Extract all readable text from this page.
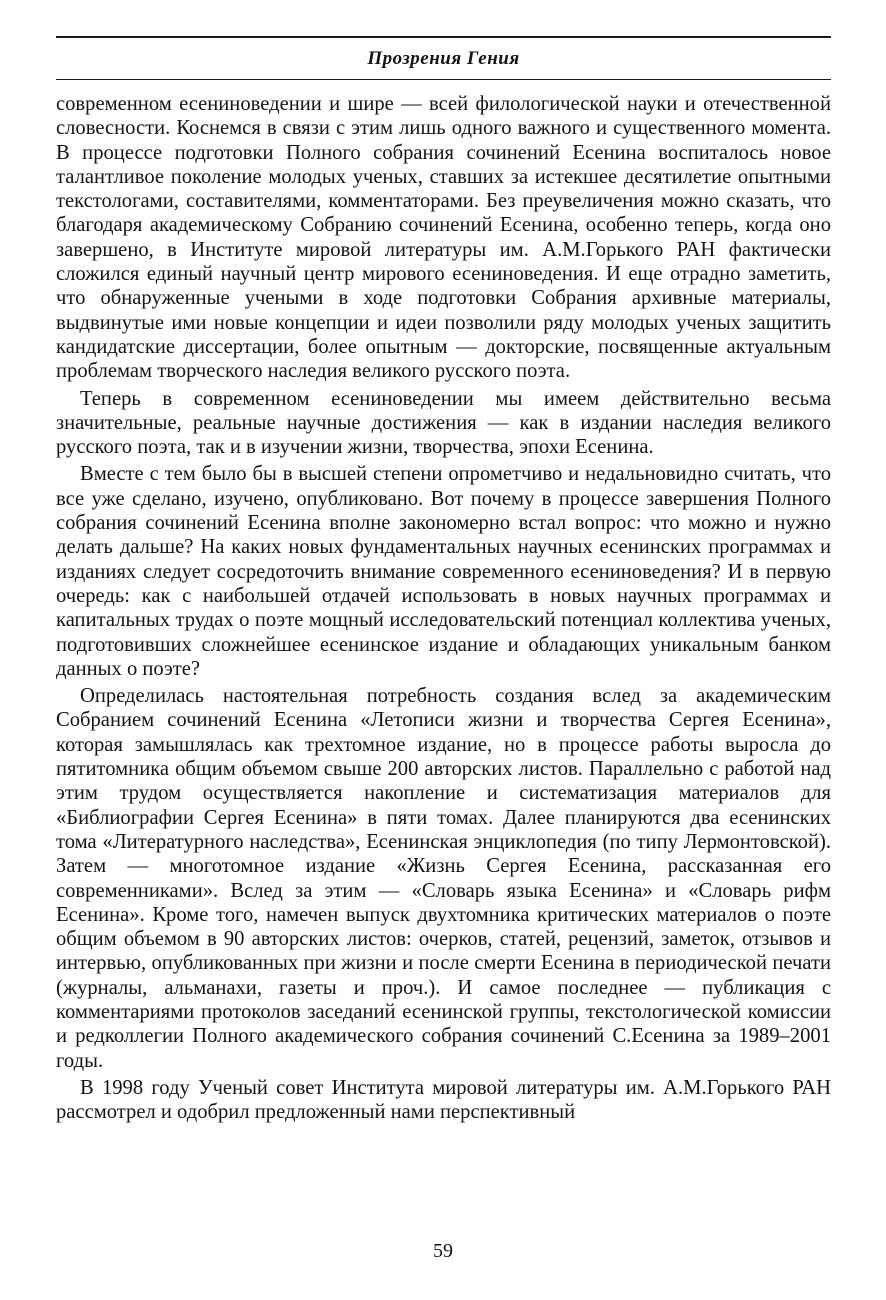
Прозрения Гения

современном есениноведении и шире — всей филологической науки и отечественной словесности. Коснемся в связи с этим лишь одного важного и существенного момента. В процессе подготовки Полного собрания сочинений Есенина воспиталось новое талантливое поколение молодых ученых, ставших за истекшее десятилетие опытными текстологами, составителями, комментаторами. Без преувеличения можно сказать, что благодаря академическому Собранию сочинений Есенина, особенно теперь, когда оно завершено, в Институте мировой литературы им. А.М.Горького РАН фактически сложился единый научный центр мирового есениноведения. И еще отрадно заметить, что обнаруженные учеными в ходе подготовки Собрания архивные материалы, выдвинутые ими новые концепции и идеи позволили ряду молодых ученых защитить кандидатские диссертации, более опытным — докторские, посвященные актуальным проблемам творческого наследия великого русского поэта.

Теперь в современном есениноведении мы имеем действительно весьма значительные, реальные научные достижения — как в издании наследия великого русского поэта, так и в изучении жизни, творчества, эпохи Есенина.

Вместе с тем было бы в высшей степени опрометчиво и недальновидно считать, что все уже сделано, изучено, опубликовано. Вот почему в процессе завершения Полного собрания сочинений Есенина вполне закономерно встал вопрос: что можно и нужно делать дальше? На каких новых фундаментальных научных есенинских программах и изданиях следует сосредоточить внимание современного есениноведения? И в первую очередь: как с наибольшей отдачей использовать в новых научных программах и капитальных трудах о поэте мощный исследовательский потенциал коллектива ученых, подготовивших сложнейшее есенинское издание и обладающих уникальным банком данных о поэте?

Определилась настоятельная потребность создания вслед за академическим Собранием сочинений Есенина «Летописи жизни и творчества Сергея Есенина», которая замышлялась как трехтомное издание, но в процессе работы выросла до пятитомника общим объемом свыше 200 авторских листов. Параллельно с работой над этим трудом осуществляется накопление и систематизация материалов для «Библиографии Сергея Есенина» в пяти томах. Далее планируются два есенинских тома «Литературного наследства», Есенинская энциклопедия (по типу Лермонтовской). Затем — многотомное издание «Жизнь Сергея Есенина, рассказанная его современниками». Вслед за этим — «Словарь языка Есенина» и «Словарь рифм Есенина». Кроме того, намечен выпуск двухтомника критических материалов о поэте общим объемом в 90 авторских листов: очерков, статей, рецензий, заметок, отзывов и интервью, опубликованных при жизни и после смерти Есенина в периодической печати (журналы, альманахи, газеты и проч.). И самое последнее — публикация с комментариями протоколов заседаний есенинской группы, текстологической комиссии и редколлегии Полного академического собрания сочинений С.Есенина за 1989–2001 годы.

В 1998 году Ученый совет Института мировой литературы им. А.М.Горького РАН рассмотрел и одобрил предложенный нами перспективный

59
